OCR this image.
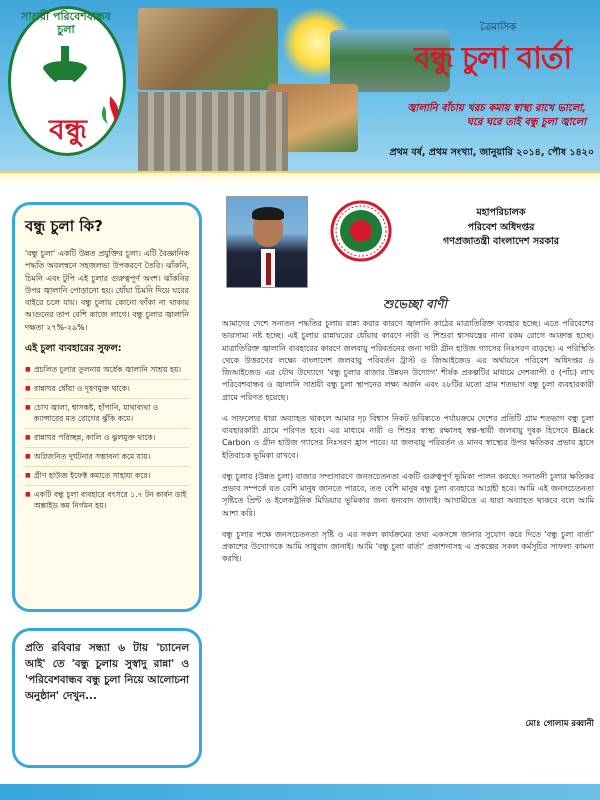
সাশ্রয়ী পরিবেশবান্ধব চুলা
বন্ধু
ত্রৈমাসিক
বন্ধু চুলা বার্তা
জ্বালানি বাঁচায় খরচ কমায় স্বাস্থ্য রাখে ভালো,
ঘরে ঘরে তাই বন্ধু চুলা জ্বালো
প্রথম বর্ষ, প্রথম সংখ্যা, জানুয়ারি ২০১৪, পৌষ ১৪২০
বন্ধু চুলা কি?
'বন্ধু চুলা' একটি উন্নত প্রযুক্তির চুলা। এটি বৈজ্ঞানিক পদ্ধতি অবলম্বনে সহজলভ্য উপকরণে তৈরি। ঝাঁকনি, চিমনি এবং টুপি এই চুলার গুরুত্বপূর্ণ অংশ। ঝাঁকনির উপর জ্বালানি পোড়ানো হয়। ধোঁয়া চিমনি দিয়ে ঘরের বাইরে চলে যায়। বন্ধু চুলায় কোনো ফাঁকা না থাকায় আগুনের তাপ বেশি কাজে লাগে। বন্ধু চুলার জ্বালানি দক্ষতা ২৭%-২৯%।
এই চুলা ব্যবহারের সুফল:
■ প্রচলিত চুলার তুলনায় অর্ধেক জ্বালানি সাশ্রয় হয়।
■ রান্নাঘর ধোঁয়া ও দূষণমুক্ত থাকে।
■ চোখ জ্বালা, শ্বাসকষ্ট, হাঁপানি, মাথাব্যথা ও ক্যান্সারের মত রোগের ঝুঁকি কমে।
■ রান্নাঘর পরিচ্ছন্ন, কালি ও ঝুলমুক্ত থাকে।
■ অগ্নিজনিত দুর্ঘটনার সম্ভাবনা কমে যায়।
■ গ্রীণ হাউজ ইফেক্ট কমাতে সাহায্য করে।
■ একটি বন্ধু চুলা ব্যবহারে বৎসরে ১.৭ টন কার্বন ডাই অক্সাইড কম নির্গমন হয়।
প্রতি রবিবার সন্ধ্যা ৬ টায় 'চ্যানেল আই' তে 'বন্ধু চুলায় সুস্বাদু রান্না' ও 'পরিবেশবান্ধব বন্ধু চুলা নিয়ে আলোচনা অনুষ্ঠান' দেখুন...
মহাপরিচালক
পরিবেশ অধিদপ্তর
গণপ্রজাতন্ত্রী বাংলাদেশ সরকার
শুভেচ্ছা বাণী

আমাদের দেশে সনাতন পদ্ধতির চুলায় রান্না করার কারণে জ্বালানি কাঠের মাত্রাতিরিক্ত ব্যবহার হচ্ছে। এতে পরিবেশের ভারসাম্য নষ্ট হচ্ছে। এই চুলায় রান্নাঘরের ধোঁয়ার কারণে নারী ও শিশুরা শ্বাসযন্ত্রের নানা রকম রোগে আক্রান্ত হচ্ছে। মাত্রাতিরিক্ত জ্বালানি ব্যবহারের কারণে জলবায়ু পরিবর্তনের জন্য দায়ী গ্রীন হাউজ গ্যাসের নিঃসরণ বাড়ছে। এ পরিস্থিতি থেকে উত্তরণের লক্ষ্যে বাংলাদেশ জলবায়ু পরিবর্তন ট্রাস্ট ও জিআইজেড এর অর্থায়নে পরিবেশ অধিদপ্তর ও জিআইজেড এর যৌথ উদ্যোগে 'বন্ধু চুলার বাজার উন্নয়ন উদ্যোগ' শীর্ষক প্রকল্পটির মাধ্যমে দেশব্যাপী ৫ (পাঁচ) লাখ পরিবেশবান্ধব ও জ্বালানি সাশ্রয়ী বন্ধু চুলা স্থাপনের লক্ষ্য অর্জন এবং ২৮টির মতো গ্রাম শতভাগ বন্ধু চুলা ব্যবহারকারী গ্রামে পরিণত হয়েছে।

এ সাফল্যের ধারা অব্যাহত থাকলে আমার দৃঢ় বিশ্বাস নিকট ভবিষ্যতে পর্যায়ক্রমে দেশের প্রতিটি গ্রাম শতভাগ বন্ধু চুলা ব্যবহারকারী গ্রামে পরিণত হবে। এর মাধ্যমে নারী ও শিশুর স্বাস্থ্য রক্ষাসহ স্বল্প-স্থায়ী জলবায়ু দূষক হিসেবে Black Carbon ও গ্রীন হাউজ গ্যাসের নিঃসরণ হ্রাস পাবে। যা জলবায়ু পরিবর্তন ও মানব স্বাস্থ্যের উপর ক্ষতিকর প্রভাব হ্রাসে ইতিবাচক ভূমিকা রাখবে।

বন্ধু চুলার (উন্নত চুলা) বাজার সম্প্রসারণে জনসচেতনতা একটি গুরুত্বপূর্ণ ভূমিকা পালন করছে। সনাতনী চুলার ক্ষতিকর প্রভাব সম্পর্কে যত বেশি মানুষ জানতে পারবে, তত বেশি মানুষ বন্ধু চুলা ব্যবহারে আগ্রহী হবে। আমি এই জনসচেতনতা সৃষ্টিতে প্রিন্ট ও ইলেকট্রনিক মিডিয়ার ভূমিকার জন্য ধন্যবাদ জানাই। আগামীতে এ ধারা অব্যাহত থাকবে বলে আমি আশা করি।

বন্ধু চুলার পক্ষে জনসচেতনতা সৃষ্টি ও এর সকল কার্যক্রমের তথ্য একসঙ্গে জানার সুযোগ করে দিতে 'বন্ধু চুলা বার্তা' প্রকাশের উদ্যোগকে আমি সাধুবাদ জানাই। আমি 'বন্ধু চুলা বার্তা' প্রকাশনাসহ এ প্রকল্পের সকল কর্মসূচির সাফল্য কামনা করছি।

মোঃ গোলাম রব্বানী
